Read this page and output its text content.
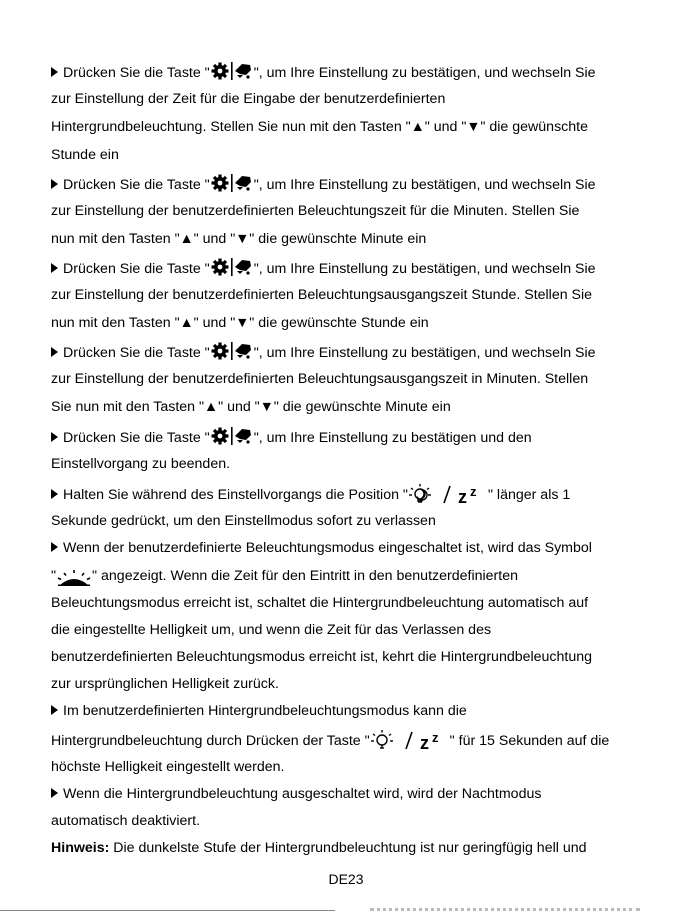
Drücken Sie die Taste "	", um Ihre Einstellung zu bestätigen, und wechseln Sie
zur Einstellung der Zeit für die Eingabe der benutzerdefinierten
Hintergrundbeleuchtung. Stellen Sie nun mit den Tasten "▲" und "▼" die gewünschte
Stunde ein
Drücken Sie die Taste "	", um Ihre Einstellung zu bestätigen, und wechseln Sie
zur Einstellung der benutzerdefinierten Beleuchtungszeit für die Minuten. Stellen Sie
nun mit den Tasten "▲" und "▼" die gewünschte Minute ein
Drücken Sie die Taste "	", um Ihre Einstellung zu bestätigen, und wechseln Sie
zur Einstellung der benutzerdefinierten Beleuchtungsausgangszeit Stunde. Stellen Sie
nun mit den Tasten "▲" und "▼" die gewünschte Stunde ein
Drücken Sie die Taste "	", um Ihre Einstellung zu bestätigen, und wechseln Sie
zur Einstellung der benutzerdefinierten Beleuchtungsausgangszeit in Minuten. Stellen
Sie nun mit den Tasten "▲" und "▼" die gewünschte Minute ein
Drücken Sie die Taste "	", um Ihre Einstellung zu bestätigen und den
Einstellvorgang zu beenden.
Halten Sie während des Einstellvorgangs die Position "	z z " länger als 1
Sekunde gedrückt, um den Einstellmodus sofort zu verlassen
Wenn der benutzerdefinierte Beleuchtungsmodus eingeschaltet ist, wird das Symbol
"	" angezeigt. Wenn die Zeit für den Eintritt in den benutzerdefinierten
Beleuchtungsmodus erreicht ist, schaltet die Hintergrundbeleuchtung automatisch auf
die eingestellte Helligkeit um, und wenn die Zeit für das Verlassen des
benutzerdefinierten Beleuchtungsmodus erreicht ist, kehrt die Hintergrundbeleuchtung
zur ursprünglichen Helligkeit zurück.
Im benutzerdefinierten Hintergrundbeleuchtungsmodus kann die
Hintergrundbeleuchtung durch Drücken der Taste "	z z " für 15 Sekunden auf die
höchste Helligkeit eingestellt werden.
Wenn die Hintergrundbeleuchtung ausgeschaltet wird, wird der Nachtmodus
automatisch deaktiviert.
Hinweis: Die dunkelste Stufe der Hintergrundbeleuchtung ist nur geringfügig hell und
DE23
